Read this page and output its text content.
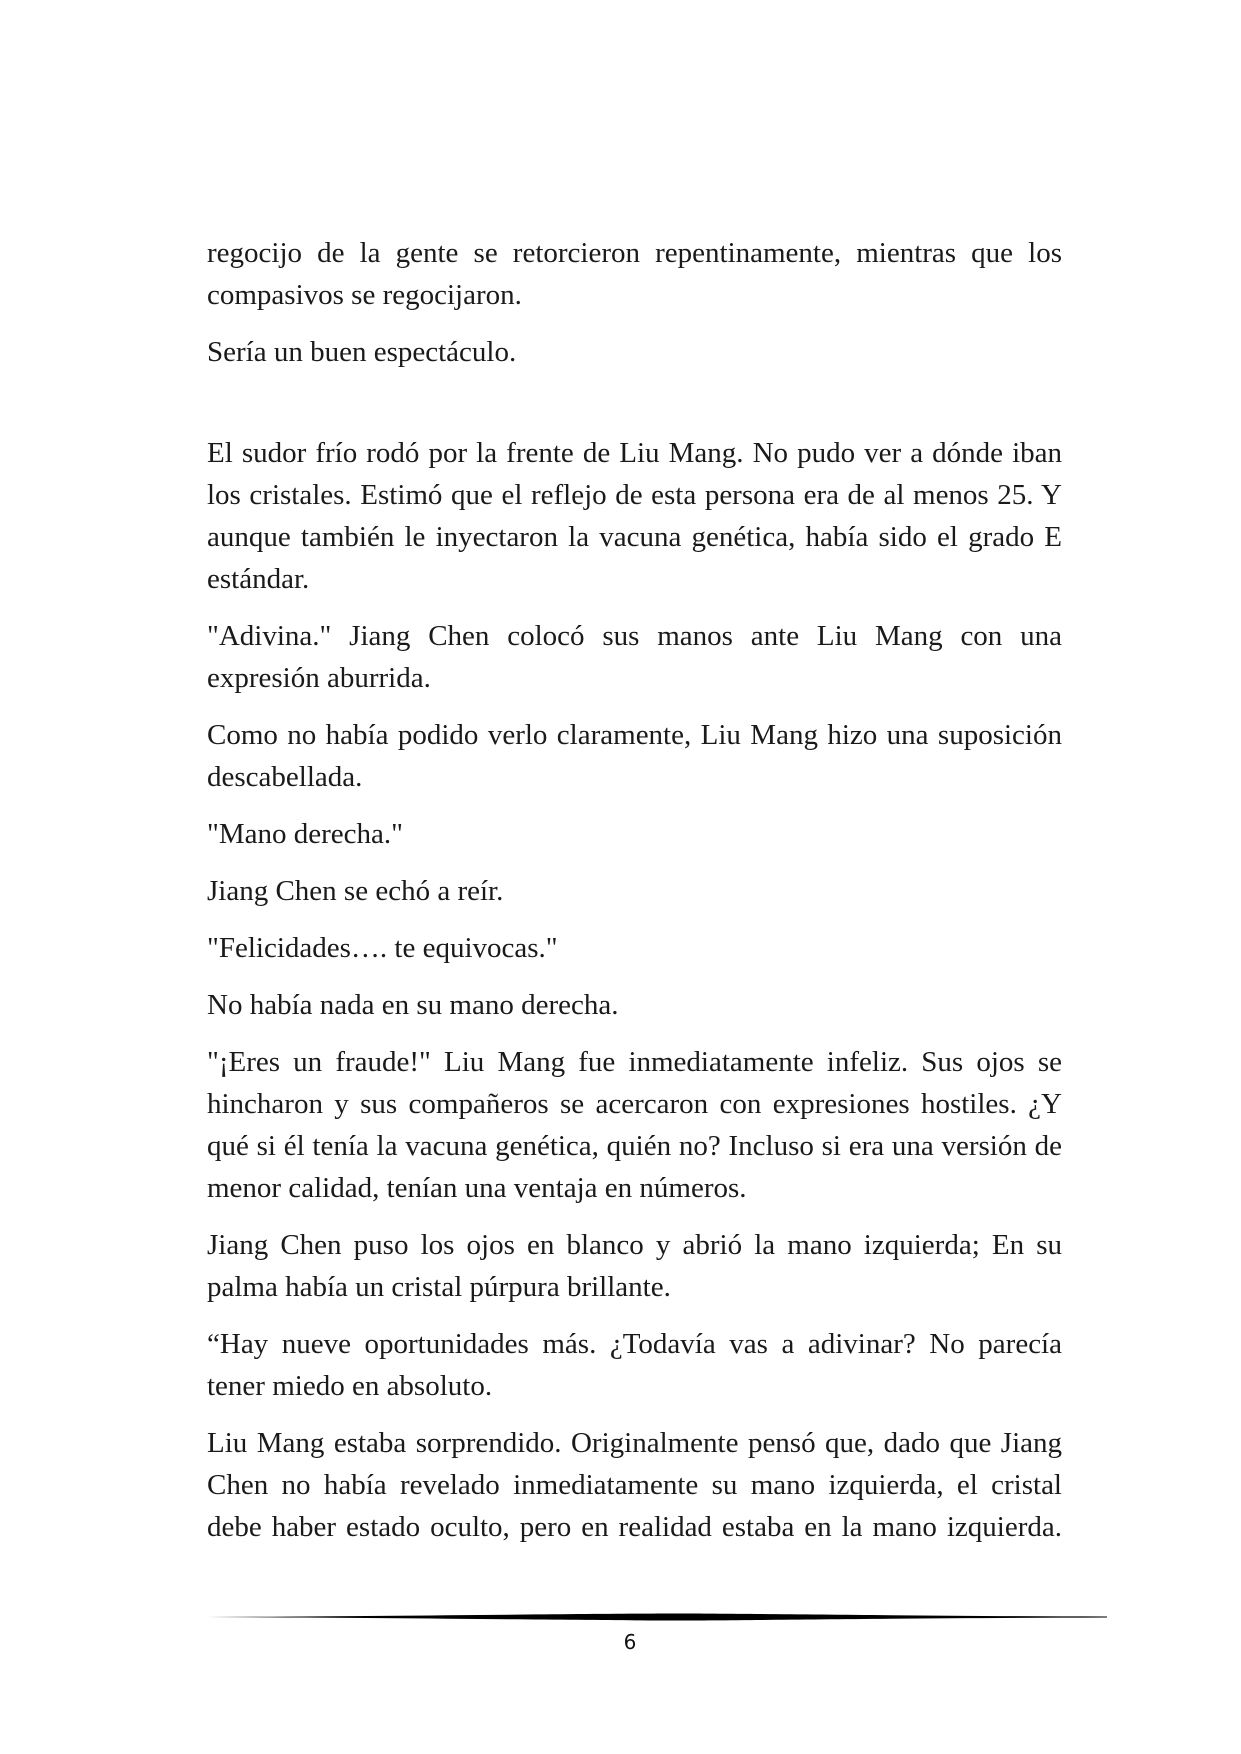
regocijo de la gente se retorcieron repentinamente, mientras que los compasivos se regocijaron.

Sería un buen espectáculo.

El sudor frío rodó por la frente de Liu Mang. No pudo ver a dónde iban los cristales. Estimó que el reflejo de esta persona era de al menos 25. Y aunque también le inyectaron la vacuna genética, había sido el grado E estándar.

"Adivina." Jiang Chen colocó sus manos ante Liu Mang con una expresión aburrida.

Como no había podido verlo claramente, Liu Mang hizo una suposición descabellada.

"Mano derecha."

Jiang Chen se echó a reír.

"Felicidades…. te equivocas."

No había nada en su mano derecha.

"¡Eres un fraude!" Liu Mang fue inmediatamente infeliz. Sus ojos se hincharon y sus compañeros se acercaron con expresiones hostiles. ¿Y qué si él tenía la vacuna genética, quién no? Incluso si era una versión de menor calidad, tenían una ventaja en números.

Jiang Chen puso los ojos en blanco y abrió la mano izquierda; En su palma había un cristal púrpura brillante.

“Hay nueve oportunidades más. ¿Todavía vas a adivinar? No parecía tener miedo en absoluto.

Liu Mang estaba sorprendido. Originalmente pensó que, dado que Jiang Chen no había revelado inmediatamente su mano izquierda, el cristal debe haber estado oculto, pero en realidad estaba en la mano izquierda.

6
